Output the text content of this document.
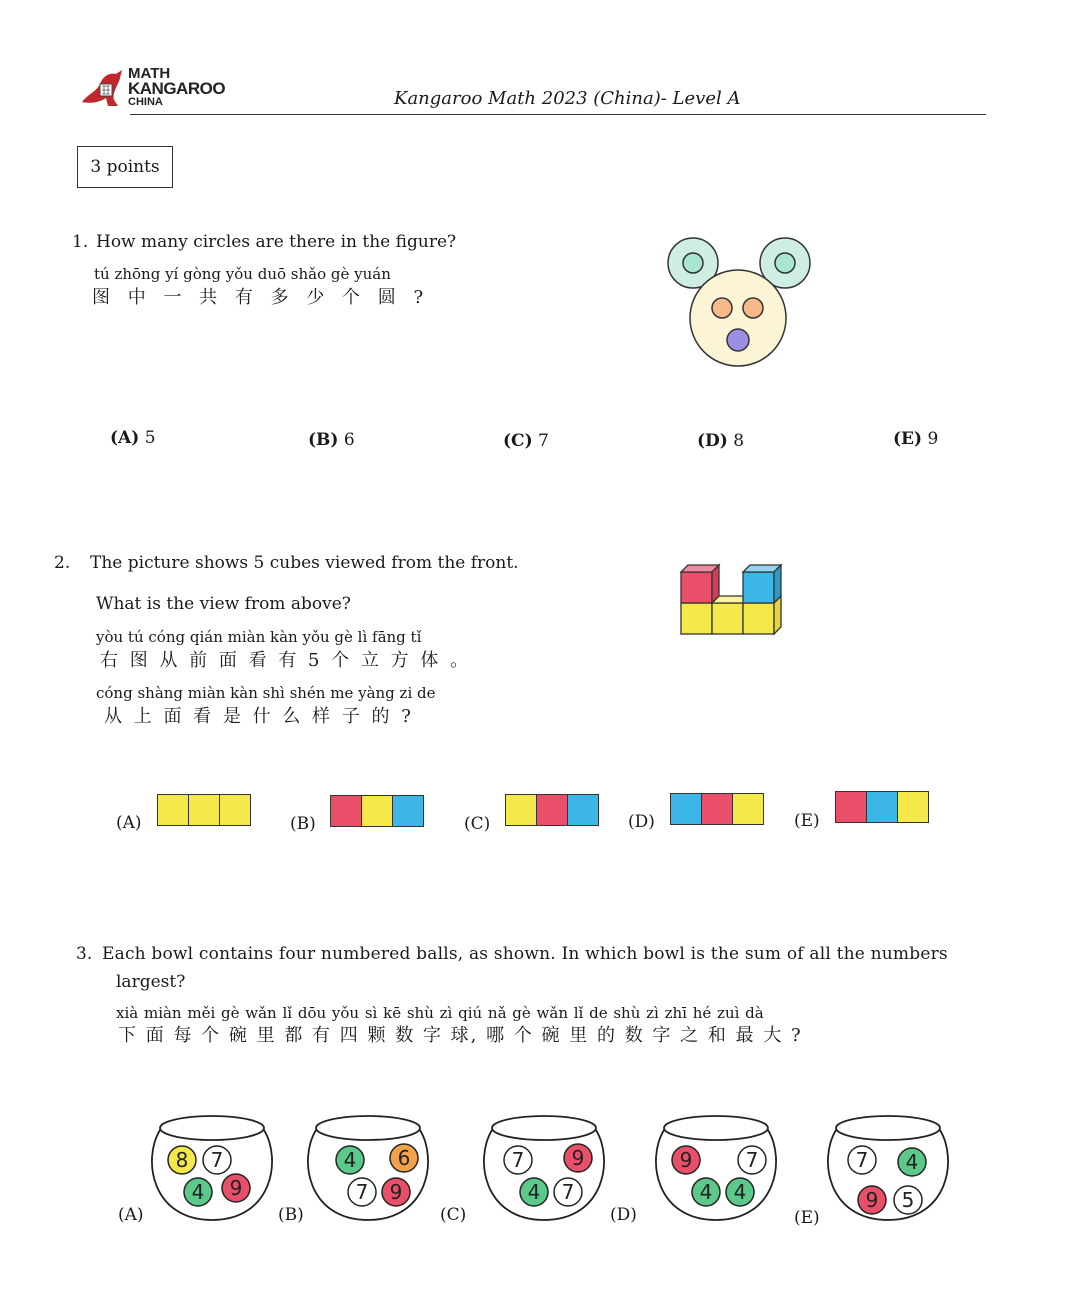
MATH
KANGAROO
CHINA	Kangaroo Math 2023 (China)- Level A
3 points
1. How many circles are there in the figure?
tú zhōng yí gòng yǒu duō shǎo gè yuán
图 中 一 共 有 多 少 个 圆 ?
(A) 5	(B) 6	(C) 7	(D) 8	(E) 9
2. The picture shows 5 cubes viewed from the front.
What is the view from above?
yòu tú cóng qián miàn kàn yǒu gè lì fāng tǐ
右 图 从 前 面 看 有 5 个 立 方 体 。
cóng shàng miàn kàn shì shén me yàng zi de
从 上 面 看 是 什 么 样 子 的 ?
(A)	(B)	(C)	(D)	(E)
3. Each bowl contains four numbered balls, as shown. In which bowl is the sum of all the numbers
largest?
xià miàn měi gè wǎn lǐ dōu yǒu sì kē shù zì qiú nǎ gè wǎn lǐ de shù zì zhī hé zuì dà
下 面 每 个 碗 里 都 有 四 颗 数 字 球, 哪 个 碗 里 的 数 字 之 和 最 大 ?
(A)	(B)	(C)	(D)	(E)
8 7
4 9
4 6
7 9
7 9
4 7
9	7
4 4
7 4
9 5
